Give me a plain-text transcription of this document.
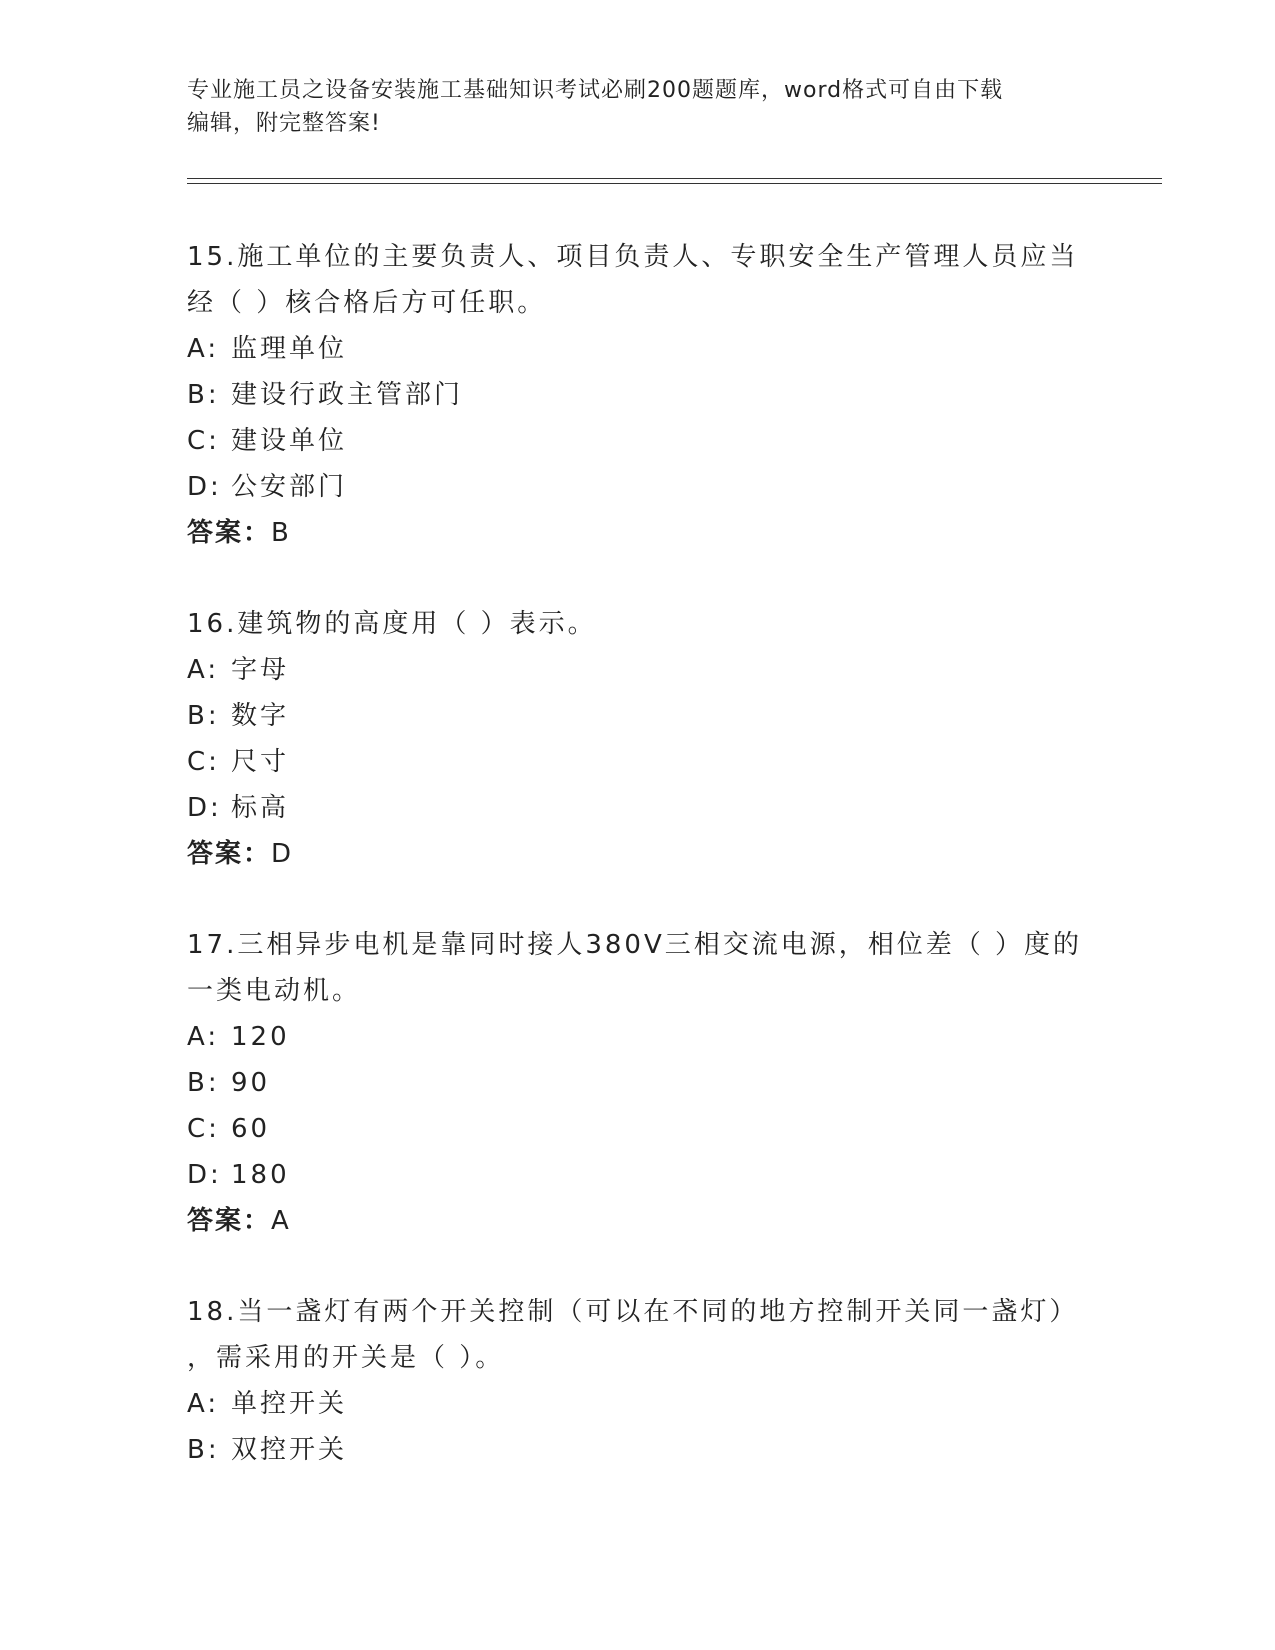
专业施工员之设备安装施工基础知识考试必刷200题题库，word格式可自由下载
编辑，附完整答案!
15.施工单位的主要负责人、项目负责人、专职安全生产管理人员应当
经（ ）核合格后方可任职。
A: 监理单位
B: 建设行政主管部门
C: 建设单位
D: 公安部门
答案：B
16.建筑物的高度用（ ）表示。
A: 字母
B: 数字
C: 尺寸
D: 标高
答案：D
17.三相异步电机是靠同时接人380V三相交流电源，相位差（ ）度的
一类电动机。
A: 120
B: 90
C: 60
D: 180
答案：A
18.当一盏灯有两个开关控制（可以在不同的地方控制开关同一盏灯）
，需采用的开关是（ ）。
A: 单控开关
B: 双控开关
